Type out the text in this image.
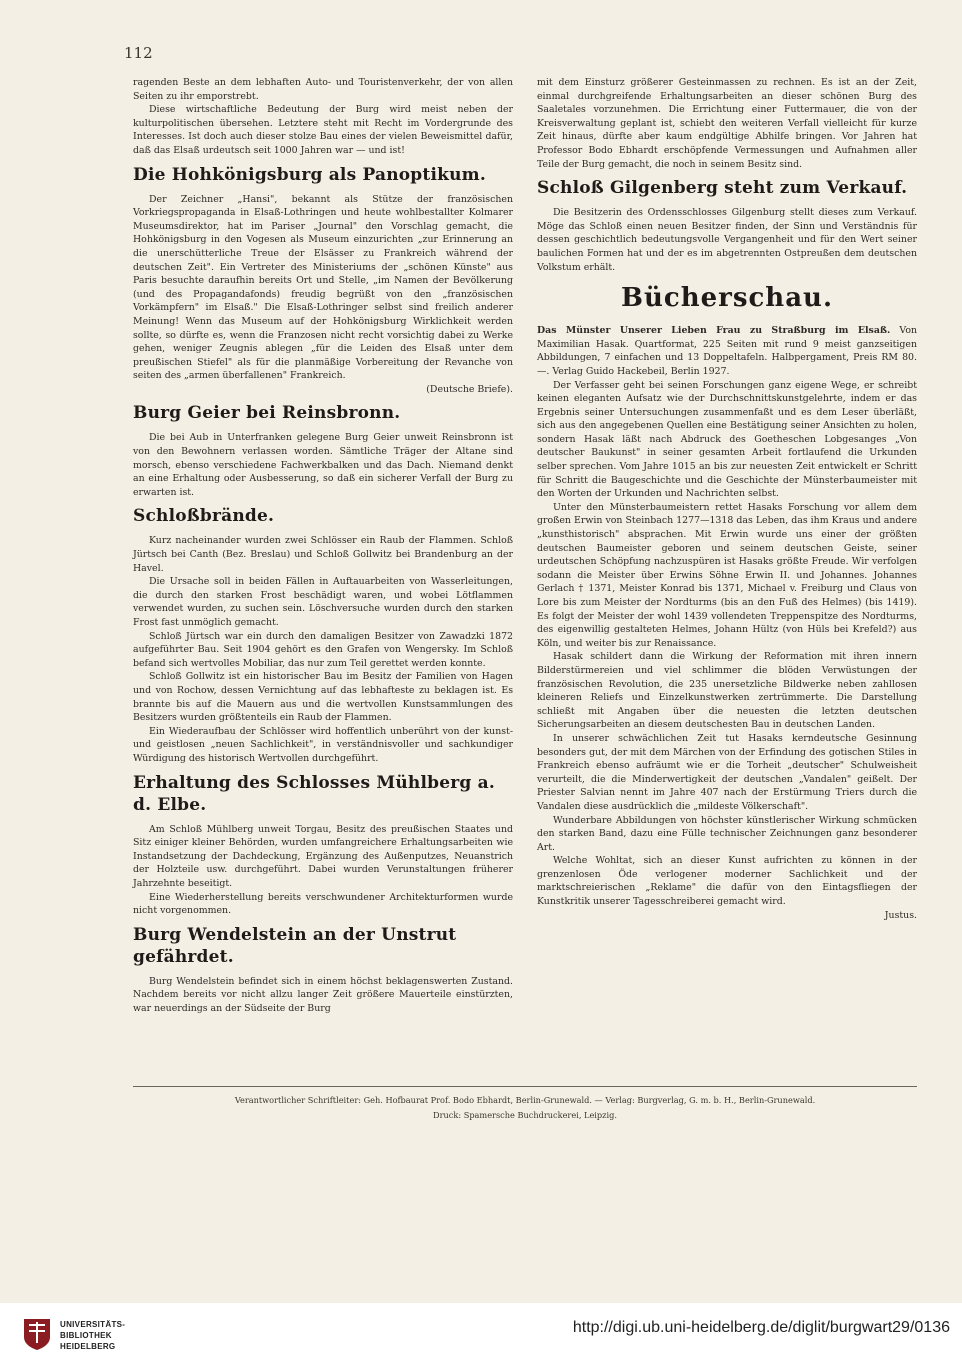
112

ragenden Beste an dem lebhaften Auto- und Touristenverkehr, der von allen Seiten zu ihr emporstrebt.

Diese wirtschaftliche Bedeutung der Burg wird meist neben der kulturpolitischen übersehen. Letztere steht mit Recht im Vordergrunde des Interesses. Ist doch auch dieser stolze Bau eines der vielen Beweismittel dafür, daß das Elsaß urdeutsch seit 1000 Jahren war — und ist!

Die Hohkönigsburg als Panoptikum.

Der Zeichner „Hansi", bekannt als Stütze der französischen Vorkriegspropaganda in Elsaß-Lothringen und heute wohlbestallter Kolmarer Museumsdirektor, hat im Pariser „Journal" den Vorschlag gemacht, die Hohkönigsburg in den Vogesen als Museum einzurichten „zur Erinnerung an die unerschütterliche Treue der Elsässer zu Frankreich während der deutschen Zeit". Ein Vertreter des Ministeriums der „schönen Künste" aus Paris besuchte daraufhin bereits Ort und Stelle, „im Namen der Bevölkerung (und des Propagandafonds) freudig begrüßt von den „französischen Vorkämpfern" im Elsaß." Die Elsaß-Lothringer selbst sind freilich anderer Meinung! Wenn das Museum auf der Hohkönigsburg Wirklichkeit werden sollte, so dürfte es, wenn die Franzosen nicht recht vorsichtig dabei zu Werke gehen, weniger Zeugnis ablegen „für die Leiden des Elsaß unter dem preußischen Stiefel" als für die planmäßige Vorbereitung der Revanche von seiten des „armen überfallenen" Frankreich.

(Deutsche Briefe).
Burg Geier bei Reinsbronn.

Die bei Aub in Unterfranken gelegene Burg Geier unweit Reinsbronn ist von den Bewohnern verlassen worden. Sämtliche Träger der Altane sind morsch, ebenso verschiedene Fachwerkbalken und das Dach. Niemand denkt an eine Erhaltung oder Ausbesserung, so daß ein sicherer Verfall der Burg zu erwarten ist.

Schloßbrände.

Kurz nacheinander wurden zwei Schlösser ein Raub der Flammen. Schloß Jürtsch bei Canth (Bez. Breslau) und Schloß Gollwitz bei Brandenburg an der Havel.

Die Ursache soll in beiden Fällen in Auftauarbeiten von Wasserleitungen, die durch den starken Frost beschädigt waren, und wobei Lötflammen verwendet wurden, zu suchen sein. Löschversuche wurden durch den starken Frost fast unmöglich gemacht.

Schloß Jürtsch war ein durch den damaligen Besitzer von Zawadzki 1872 aufgeführter Bau. Seit 1904 gehört es den Grafen von Wengersky. Im Schloß befand sich wertvolles Mobiliar, das nur zum Teil gerettet werden konnte.

Schloß Gollwitz ist ein historischer Bau im Besitz der Familien von Hagen und von Rochow, dessen Vernichtung auf das lebhafteste zu beklagen ist. Es brannte bis auf die Mauern aus und die wertvollen Kunstsammlungen des Besitzers wurden größtenteils ein Raub der Flammen.

Ein Wiederaufbau der Schlösser wird hoffentlich unberührt von der kunst- und geistlosen „neuen Sachlichkeit", in verständnisvoller und sachkundiger Würdigung des historisch Wertvollen durchgeführt.

Erhaltung des Schlosses Mühlberg a. d. Elbe.

Am Schloß Mühlberg unweit Torgau, Besitz des preußischen Staates und Sitz einiger kleiner Behörden, wurden umfangreichere Erhaltungsarbeiten wie Instandsetzung der Dachdeckung, Ergänzung des Außenputzes, Neuanstrich der Holzteile usw. durchgeführt. Dabei wurden Verunstaltungen früherer Jahrzehnte beseitigt.

Eine Wiederherstellung bereits verschwundener Architekturformen wurde nicht vorgenommen.

Burg Wendelstein an der Unstrut gefährdet.

Burg Wendelstein befindet sich in einem höchst beklagenswerten Zustand. Nachdem bereits vor nicht allzu langer Zeit größere Mauerteile einstürzten, war neuerdings an der Südseite der Burg

mit dem Einsturz größerer Gesteinmassen zu rechnen. Es ist an der Zeit, einmal durchgreifende Erhaltungsarbeiten an dieser schönen Burg des Saaletales vorzunehmen. Die Errichtung einer Futtermauer, die von der Kreisverwaltung geplant ist, schiebt den weiteren Verfall vielleicht für kurze Zeit hinaus, dürfte aber kaum endgültige Abhilfe bringen. Vor Jahren hat Professor Bodo Ebhardt erschöpfende Vermessungen und Aufnahmen aller Teile der Burg gemacht, die noch in seinem Besitz sind.

Schloß Gilgenberg steht zum Verkauf.

Die Besitzerin des Ordensschlosses Gilgenburg stellt dieses zum Verkauf. Möge das Schloß einen neuen Besitzer finden, der Sinn und Verständnis für dessen geschichtlich bedeutungsvolle Vergangenheit und für den Wert seiner baulichen Formen hat und der es im abgetrennten Ostpreußen dem deutschen Volkstum erhält.

Bücherschau.

Das Münster Unserer Lieben Frau zu Straßburg im Elsaß. Von Maximilian Hasak. Quartformat, 225 Seiten mit rund 9 meist ganzseitigen Abbildungen, 7 einfachen und 13 Doppeltafeln. Halbpergament, Preis RM 80.—. Verlag Guido Hackebeil, Berlin 1927.

Der Verfasser geht bei seinen Forschungen ganz eigene Wege, er schreibt keinen eleganten Aufsatz wie der Durchschnittskunstgelehrte, indem er das Ergebnis seiner Untersuchungen zusammenfaßt und es dem Leser überläßt, sich aus den angegebenen Quellen eine Bestätigung seiner Ansichten zu holen, sondern Hasak läßt nach Abdruck des Goetheschen Lobgesanges „Von deutscher Baukunst" in seiner gesamten Arbeit fortlaufend die Urkunden selber sprechen. Vom Jahre 1015 an bis zur neuesten Zeit entwickelt er Schritt für Schritt die Baugeschichte und die Geschichte der Münsterbaumeister mit den Worten der Urkunden und Nachrichten selbst.

Unter den Münsterbaumeistern rettet Hasaks Forschung vor allem dem großen Erwin von Steinbach 1277—1318 das Leben, das ihm Kraus und andere „kunsthistorisch" absprachen. Mit Erwin wurde uns einer der größten deutschen Baumeister geboren und seinem deutschen Geiste, seiner urdeutschen Schöpfung nachzuspüren ist Hasaks größte Freude. Wir verfolgen sodann die Meister über Erwins Söhne Erwin II. und Johannes. Johannes Gerlach † 1371, Meister Konrad bis 1371, Michael v. Freiburg und Claus von Lore bis zum Meister der Nordturms (bis an den Fuß des Helmes) (bis 1419). Es folgt der Meister der wohl 1439 vollendeten Treppenspitze des Nordturms, des eigenwillig gestalteten Helmes, Johann Hültz (von Hüls bei Krefeld?) aus Köln, und weiter bis zur Renaissance.

Hasak schildert dann die Wirkung der Reformation mit ihren innern Bilderstürmereien und viel schlimmer die blöden Verwüstungen der französischen Revolution, die 235 unersetzliche Bildwerke neben zahllosen kleineren Reliefs und Einzelkunstwerken zertrümmerte. Die Darstellung schließt mit Angaben über die neuesten die letzten deutschen Sicherungsarbeiten an diesem deutschesten Bau in deutschen Landen.

In unserer schwächlichen Zeit tut Hasaks kerndeutsche Gesinnung besonders gut, der mit dem Märchen von der Erfindung des gotischen Stiles in Frankreich ebenso aufräumt wie er die Torheit „deutscher" Schulweisheit verurteilt, die die Minderwertigkeit der deutschen „Vandalen" geißelt. Der Priester Salvian nennt im Jahre 407 nach der Erstürmung Triers durch die Vandalen diese ausdrücklich die „mildeste Völkerschaft".

Wunderbare Abbildungen von höchster künstlerischer Wirkung schmücken den starken Band, dazu eine Fülle technischer Zeichnungen ganz besonderer Art.

Welche Wohltat, sich an dieser Kunst aufrichten zu können in der grenzenlosen Öde verlogener moderner Sachlichkeit und der marktschreierischen „Reklame" die dafür von den Eintagsfliegen der Kunstkritik unserer Tagesschreiberei gemacht wird.

Justus.
Verantwortlicher Schriftleiter: Geh. Hofbaurat Prof. Bodo Ebhardt, Berlin-Grunewald. — Verlag: Burgverlag, G. m. b. H., Berlin-Grunewald.
Druck: Spamersche Buchdruckerei, Leipzig.
UNIVERSITÄTS-
BIBLIOTHEK
HEIDELBERG
http://digi.ub.uni-heidelberg.de/diglit/burgwart29/0136
